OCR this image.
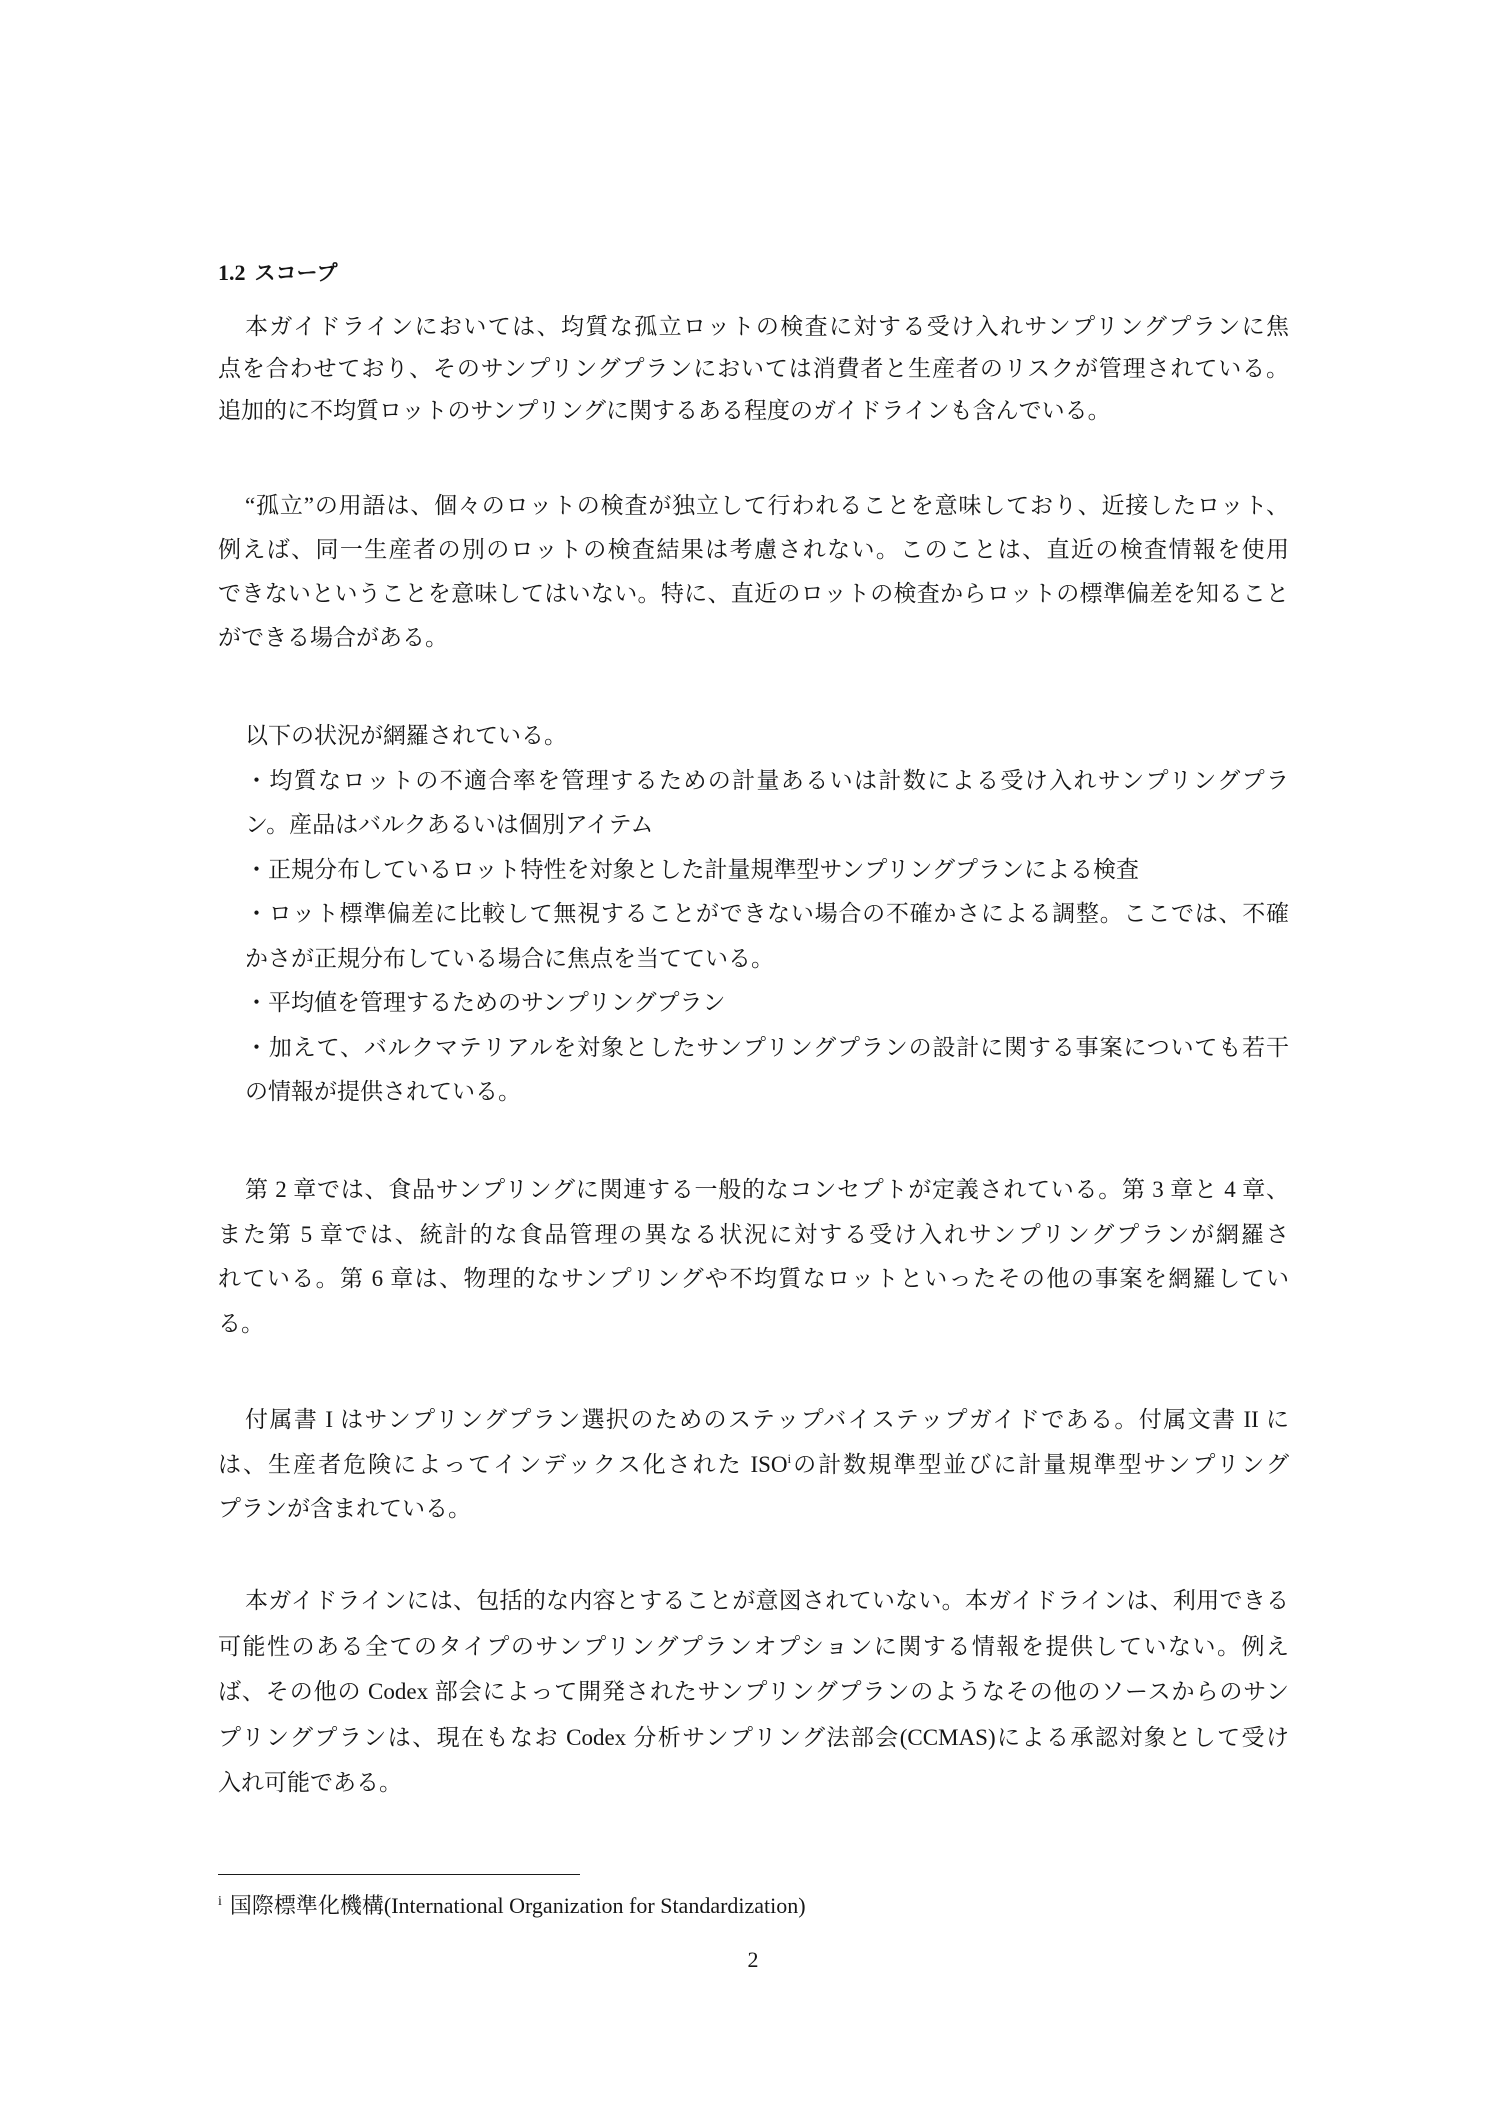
1.2 スコープ
本ガイドラインにおいては、均質な孤立ロットの検査に対する受け入れサンプリングプランに焦
点を合わせており、そのサンプリングプランにおいては消費者と生産者のリスクが管理されている。
追加的に不均質ロットのサンプリングに関するある程度のガイドラインも含んでいる。
“孤立”の用語は、個々のロットの検査が独立して行われることを意味しており、近接したロット、
例えば、同一生産者の別のロットの検査結果は考慮されない。このことは、直近の検査情報を使用
できないということを意味してはいない。特に、直近のロットの検査からロットの標準偏差を知ること
ができる場合がある。
以下の状況が網羅されている。
・均質なロットの不適合率を管理するための計量あるいは計数による受け入れサンプリングプラ
ン。産品はバルクあるいは個別アイテム
・正規分布しているロット特性を対象とした計量規準型サンプリングプランによる検査
・ロット標準偏差に比較して無視することができない場合の不確かさによる調整。ここでは、不確
かさが正規分布している場合に焦点を当てている。
・平均値を管理するためのサンプリングプラン
・加えて、バルクマテリアルを対象としたサンプリングプランの設計に関する事案についても若干
の情報が提供されている。
第 2 章では、食品サンプリングに関連する一般的なコンセプトが定義されている。第 3 章と 4 章、
また第 5 章では、統計的な食品管理の異なる状況に対する受け入れサンプリングプランが網羅さ
れている。第 6 章は、物理的なサンプリングや不均質なロットといったその他の事案を網羅してい
る。
付属書 I はサンプリングプラン選択のためのステップバイステップガイドである。付属文書 II に
は、生産者危険によってインデックス化された ISO$^i$の計数規準型並びに計量規準型サンプリング
プランが含まれている。
本ガイドラインには、包括的な内容とすることが意図されていない。本ガイドラインは、利用できる
可能性のある全てのタイプのサンプリングプランオプションに関する情報を提供していない。例え
ば、その他の Codex 部会によって開発されたサンプリングプランのようなその他のソースからのサン
プリングプランは、現在もなお Codex 分析サンプリング法部会(CCMAS)による承認対象として受け
入れ可能である。
$^i$ 国際標準化機構(International Organization for Standardization)
2
